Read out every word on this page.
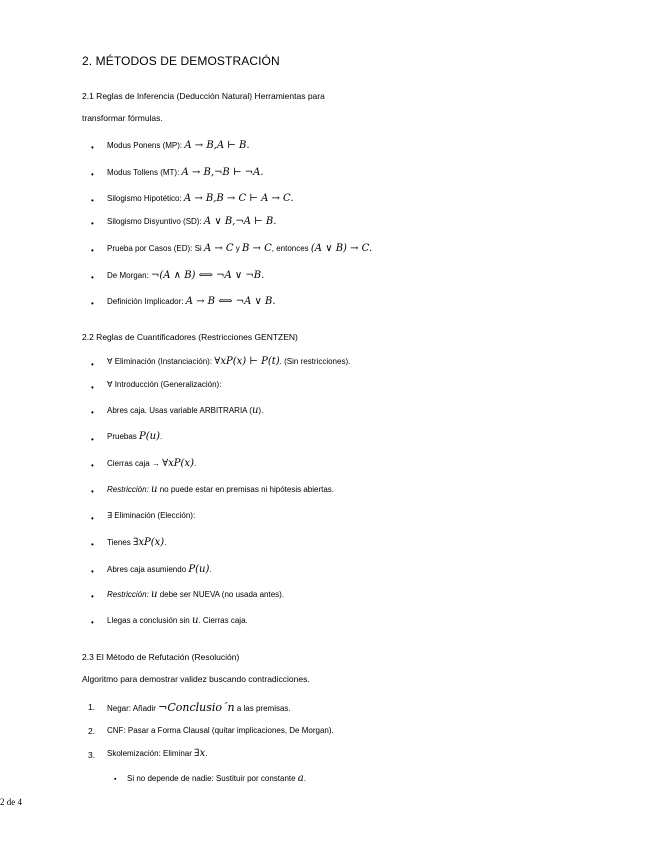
2. MÉTODOS DE DEMOSTRACIÓN
2.1 Reglas de Inferencia (Deducción Natural) Herramientas para
transformar fórmulas.
• Modus Ponens (MP): A → B,A ⊢ B.
• Modus Tollens (MT): A → B,¬B ⊢ ¬A.
• Silogismo Hipotético: A → B,B → C ⊢ A → C.
• Silogismo Disyuntivo (SD): A ∨ B,¬A ⊢ B.
• Prueba por Casos (ED): Si A → C y B → C, entonces (A ∨ B) → C.
• De Morgan: ¬(A ∧ B) ⟺ ¬A ∨ ¬B.
• Definición Implicador: A → B ⟺ ¬A ∨ B.
2.2 Reglas de Cuantificadores (Restricciones GENTZEN)
• ∀ Eliminación (Instanciación): ∀xP(x) ⊢ P(t). (Sin restricciones).
• ∀ Introducción (Generalización):
• Abres caja. Usas variable ARBITRARIA (u).
• Pruebas P(u).
• Cierras caja → ∀xP(x).
• Restricción: u no puede estar en premisas ni hipótesis abiertas.
• ∃ Eliminación (Elección):
• Tienes ∃xP(x).
• Abres caja asumiendo P(u).
• Restricción: u debe ser NUEVA (no usada antes).
• Llegas a conclusión sin u. Cierras caja.
2.3 El Método de Refutación (Resolución)
Algoritmo para demostrar validez buscando contradicciones.
1. Negar: Añadir ¬Conclusio´n a las premisas.
2. CNF: Pasar a Forma Clausal (quitar implicaciones, De Morgan).
3. Skolemización: Eliminar ∃x.
▪ Si no depende de nadie: Sustituir por constante a.
2 de 4
